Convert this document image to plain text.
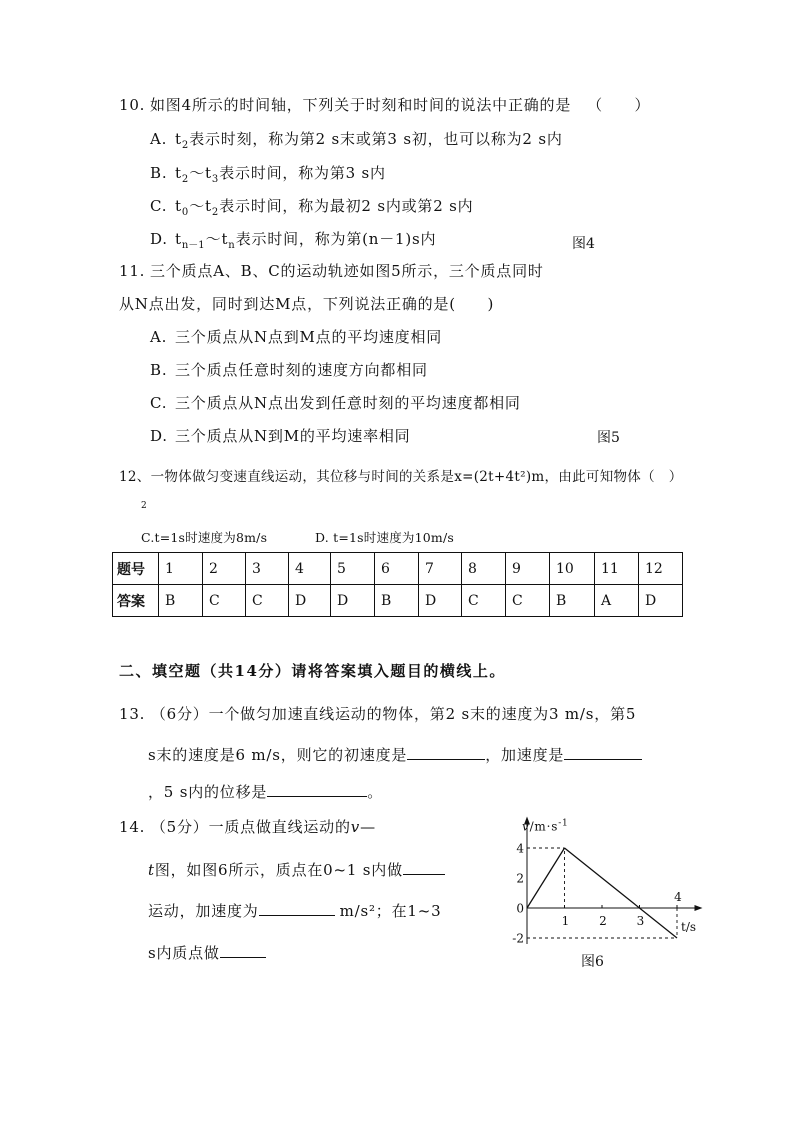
10. 如图4所示的时间轴，下列关于时刻和时间的说法中正确的是 （　　）
A. $t_2$表示时刻，称为第2 s末或第3 s初，也可以称为2 s内
B. $t_2\sim t_3$表示时间，称为第3 s内
C. $t_0\sim t_2$表示时间，称为最初2 s内或第2 s内
D. $t_{n-1}\sim t_n$表示时间，称为第(n－1)s内	图4
11. 三个质点A、B、C的运动轨迹如图5所示，三个质点同时
从N点出发，同时到达M点，下列说法正确的是(　　)
A. 三个质点从N点到M点的平均速度相同
B. 三个质点任意时刻的速度方向都相同
C. 三个质点从N点出发到任意时刻的平均速度都相同
D. 三个质点从N到M的平均速率相同	图5
12、一物体做匀变速直线运动，其位移与时间的关系是x=(2t+4t²)m，由此可知物体（　）
2
C.t=1s时速度为8m/s	D. t=1s时速度为10m/s
题号	1	2	3	4	5	6	7	8	9	10	11	12
答案	B	C	C	D	D	B	D	C	C	B	A	D
二、填空题（共14分）请将答案填入题目的横线上。
13. （6分）一个做匀加速直线运动的物体，第2 s末的速度为3 m/s，第5
s末的速度是6 m/s，则它的初速度是	，加速度是
，5 s内的位移是	。
14. （5分）一质点做直线运动的v—
t图，如图6所示，质点在0~1 s内做
运动，加速度为	m/s²；在1~3
s内质点做
$v/m\cdot s^{-1}$
t/s
4
2
0
-2
1 2 3
4
图6
